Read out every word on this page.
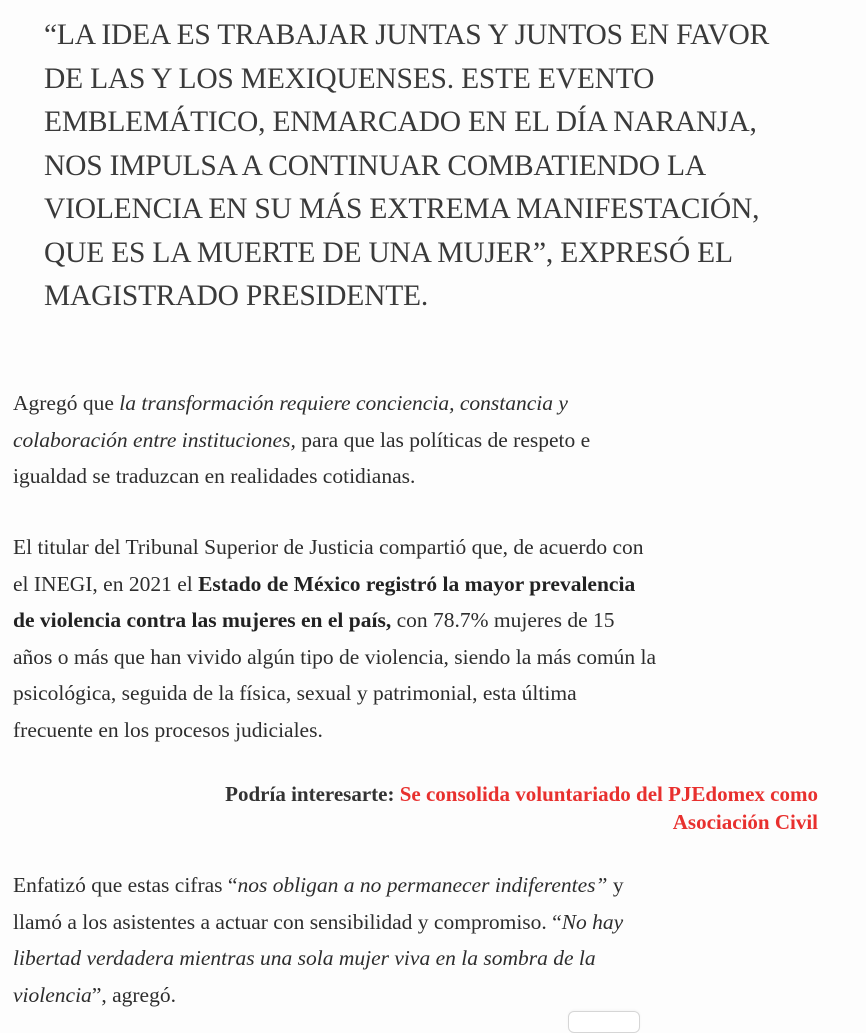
“LA IDEA ES TRABAJAR JUNTAS Y JUNTOS EN FAVOR
DE LAS Y LOS MEXIQUENSES. ESTE EVENTO
EMBLEMÁTICO, ENMARCADO EN EL DÍA NARANJA,
NOS IMPULSA A CONTINUAR COMBATIENDO LA
VIOLENCIA EN SU MÁS EXTREMA MANIFESTACIÓN,
QUE ES LA MUERTE DE UNA MUJER”, EXPRESÓ EL
MAGISTRADO PRESIDENTE.

Agregó que la transformación requiere conciencia, constancia y
colaboración entre instituciones, para que las políticas de respeto e
igualdad se traduzcan en realidades cotidianas.

El titular del Tribunal Superior de Justicia compartió que, de acuerdo con
el INEGI, en 2021 el Estado de México registró la mayor prevalencia
de violencia contra las mujeres en el país, con 78.7% mujeres de 15
años o más que han vivido algún tipo de violencia, siendo la más común la
psicológica, seguida de la física, sexual y patrimonial, esta última
frecuente en los procesos judiciales.

Enfatizó que estas cifras “nos obligan a no permanecer indiferentes” y
llamó a los asistentes a actuar con sensibilidad y compromiso. “No hay
libertad verdadera mientras una sola mujer viva en la sombra de la
violencia”, agregó.

Podría interesarte: Se consolida voluntariado del PJEdomex como
Asociación Civil
